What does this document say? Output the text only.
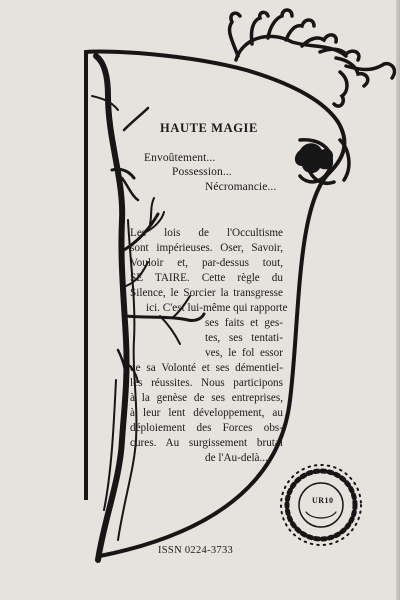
HAUTE MAGIE

Envoûtement...

Possession...

Nécromancie...

Les lois de l'Occultisme

sont impérieuses. Oser, Savoir,

Vouloir et, par-dessus tout,

SE TAIRE. Cette règle du

Silence, le Sorcier la transgresse

ici. C'est lui-même qui rapporte

ses faits et ges-

tes, ses tentati-

ves, le fol essor

de sa Volonté et ses démentiel-

les réussites. Nous participons

à la genèse de ses entreprises,

à leur lent développement, au

déploiement des Forces obs-

cures. Au surgissement brutal

de l'Au-delà...

ISSN 0224-3733

UR10
